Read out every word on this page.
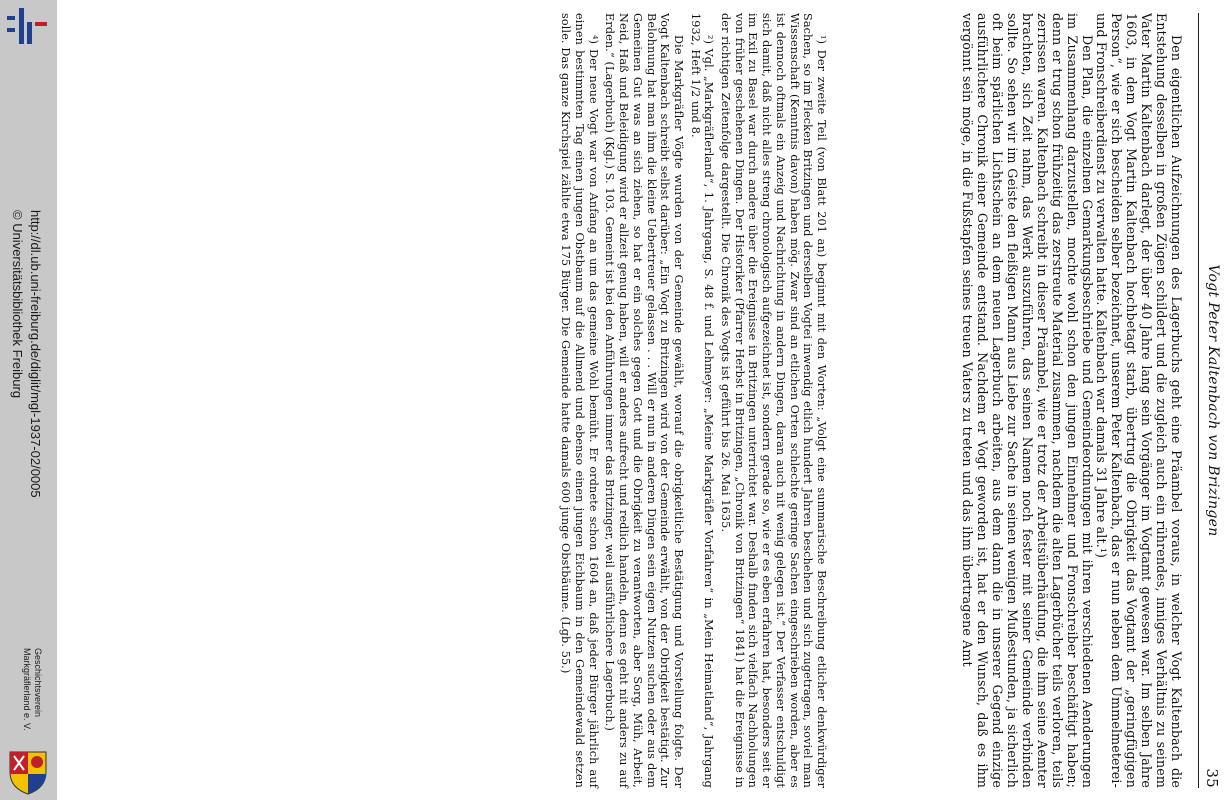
http://dl.ub.uni-freiburg.de/diglit/mgl-1937-02/0005
© Universitätsbibliothek Freiburg
Geschichtsverein
Markgräflerland e. V.
Vogt Peter Kaltenbach von Brizingen
35

Den eigentlichen Aufzeichnungen des Lagerbuchs geht eine Präambel voraus, in welcher Vogt Kaltenbach die Entstehung desselben in großen Zügen schildert und die zugleich auch ein rührendes, inniges Verhältnis zu seinem Vater Martin Kaltenbach darlegt, der über 40 Jahre lang sein Vorgänger im Vogtamt gewesen war. Im selben Jahre 1603, in dem Vogt Martin Kaltenbach hochbetagt starb, übertrug die Obrigkeit das Vogtamt der „geringfügigen Person“, wie er sich bescheiden selber bezeichnet, unserem Peter Kaltenbach, das er nun neben dem Ummelmeterei- und Fronschreiberdienst zu verwalten hatte. Kaltenbach war damals 31 Jahre alt.¹)

Den Plan, die einzelnen Gemarkungsbeschriebe und Gemeindeordnungen mit ihren verschiedenen Aenderungen im Zusammenhang darzustellen, mochte wohl schon den jungen Einnehmer und Fronschreiber beschäftigt haben; denn er trug schon frühzeitig das zerstreute Material zusammen, nachdem die alten Lagerbücher teils verloren, teils zerrissen waren. Kaltenbach schreibt in dieser Präambel, wie er trotz der Arbeitsüberhäufung, die ihm seine Aemter brachten, sich Zeit nahm, das Werk auszuführen, das seinen Namen noch fester mit seiner Gemeinde verbinden sollte. So sehen wir im Geiste den fleißigen Mann aus Liebe zur Sache in seinen wenigen Mußestunden, ja sicherlich oft beim spärlichen Lichtschein an dem neuen Lagerbuch arbeiten, aus dem dann die in unserer Gegend einzige ausführlichere Chronik einer Gemeinde entstand. Nachdem er Vogt geworden ist, hat er den Wunsch, daß es ihm vergönnt sein möge, in die Fußstapfen seines treuen Vaters zu treten und das ihm übertragene Amt

¹) Der zweite Teil (von Blatt 201 an) beginnt mit den Worten: „Volgt eine summarische Beschreibung etlicher denkwürdiger Sachen, so im Flecken Britzingen und derselben Vogtei inwendig etlich hundert Jahren beschehen und sich zugetragen, soviel man Wissenschaft (Kenntnis davon) haben mög. Zwar sind an etlichen Orten schlechte geringe Sachen eingeschrieben worden, aber es ist dennoch oftmals ein Anzeig und Nachrichtung in andern Dingen, daran auch nit wenig gelegen ist.“ Der Verfasser entschuldigt sich damit, daß nicht alles streng chronologisch aufgezeichnet ist, sondern gerade so, wie er es eben erfahren hat, besonders seit er im Exil zu Basel war durch andere über die Ereignisse in Britzingen unterrichtet war. Deshalb finden sich vielfach Nachholungen von früher geschehenen Dingen. Der Historiker (Pfarrer Herbst in Britzingen, „Chronik von Britzingen“ 1841) hat die Ereignisse in der richtigen Zeitenfolge dargestellt. Die Chronik des Vogts ist geführt bis 26. Mai 1635.

²) Vgl. „Markgräflerland“, 1. Jahrgang, S. 48 f. und Lehmeyer: „Meine Markgräfler Vorfahren“ in „Mein Heimatland“, Jahrgang 1932, Heft 1/2 und 8.

Die Markgräfler Vögte wurden von der Gemeinde gewählt, worauf die obrigkeitliche Bestätigung und Vorstellung folgte. Der Vogt Kaltenbach schreibt selbst darüber: „Ein Vogt zu Britzingen wird von der Gemeinde erwählt, von der Obrigkeit bestätigt. Zur Belohnung hat man ihm die kleine Uebertreuer gelassen . . . Will er nun in anderen Dingen sein eigen Nutzen suchen oder aus dem Gemeinen Gut was an sich ziehen, so hat er ein solches gegen Gott und die Obrigkeit zu verantworten, aber Sorg, Müh, Arbeit, Neid, Haß und Beleidigung wird er allzeit genug haben, will er anders aufrecht und redlich handeln, denn es geht nit anders zu auf Erden.“ (Lagerbuch) (Kgl.) S. 103. Gemeint ist bei den Anführungen immer das Britzinger, weil ausführlichere Lagerbuch.)

⁴) Der neue Vogt war von Anfang an um das gemeine Wohl bemüht. Er ordnete schon 1604 an, daß jeder Bürger jährlich auf einen bestimmten Tag einen jungen Obstbaum auf die Allmend und ebenso einen jungen Eichbaum in den Gemeindewald setzen solle. Das ganze Kirchspiel zählte etwa 175 Bürger. Die Gemeinde hatte damals 600 junge Obstbäume. (Lgb. 55.)
